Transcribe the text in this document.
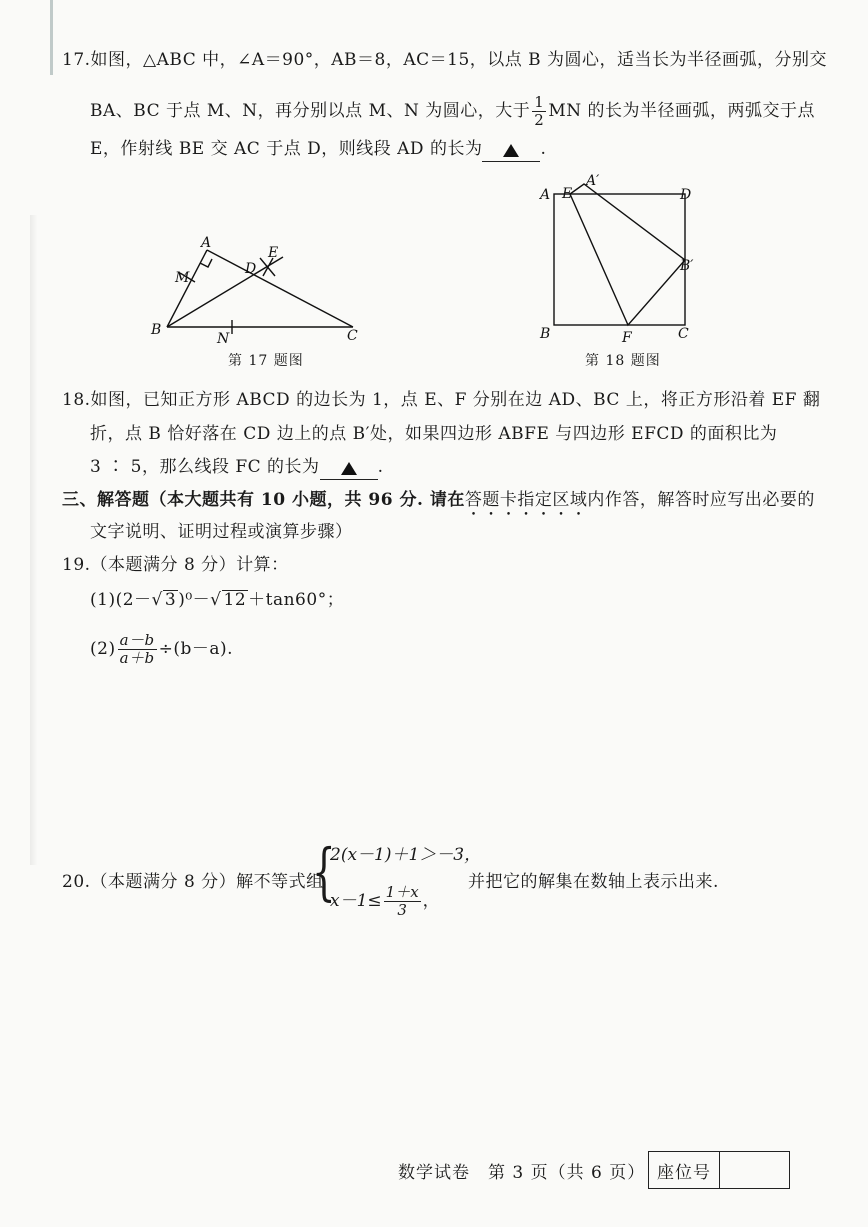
17.如图，△ABC 中，∠A＝90°，AB＝8，AC＝15，以点 B 为圆心，适当长为半径画弧，分别交
BA、BC 于点 M、N，再分别以点 M、N 为圆心，大于 $\frac{1}{2}$ MN 的长为半径画弧，两弧交于点
E，作射线 BE 交 AC 于点 D，则线段 AD 的长为	.
A
B	C
D
E
M
N
第 17 题图
A E
A′
D
B′
B	F	C
第 18 题图
18.如图，已知正方形 ABCD 的边长为 1，点 E、F 分别在边 AD、BC 上，将正方形沿着 EF 翻
折，点 B 恰好落在 CD 边上的点 B′处，如果四边形 ABFE 与四边形 EFCD 的面积比为
3 ∶ 5，那么线段 FC 的长为	.
三、解答题（本大题共有 10 小题，共 96 分. 请在答题卡指定区域内作答，解答时应写出必要的
文字说明、证明过程或演算步骤）
19.（本题满分 8 分）计算：
(1)(2－√ 3 )⁰－√ 12 ＋tan60°；
$(2) \frac{a-b}{a+b} \div(b-a)$.
20.（本题满分 8 分）解不等式组
{
2(x－1)＋1＞－3，
$x-1\le \frac{1+x}{3}$ ，
并把它的解集在数轴上表示出来.
数学试卷　第 3 页（共 6 页） 座位号
